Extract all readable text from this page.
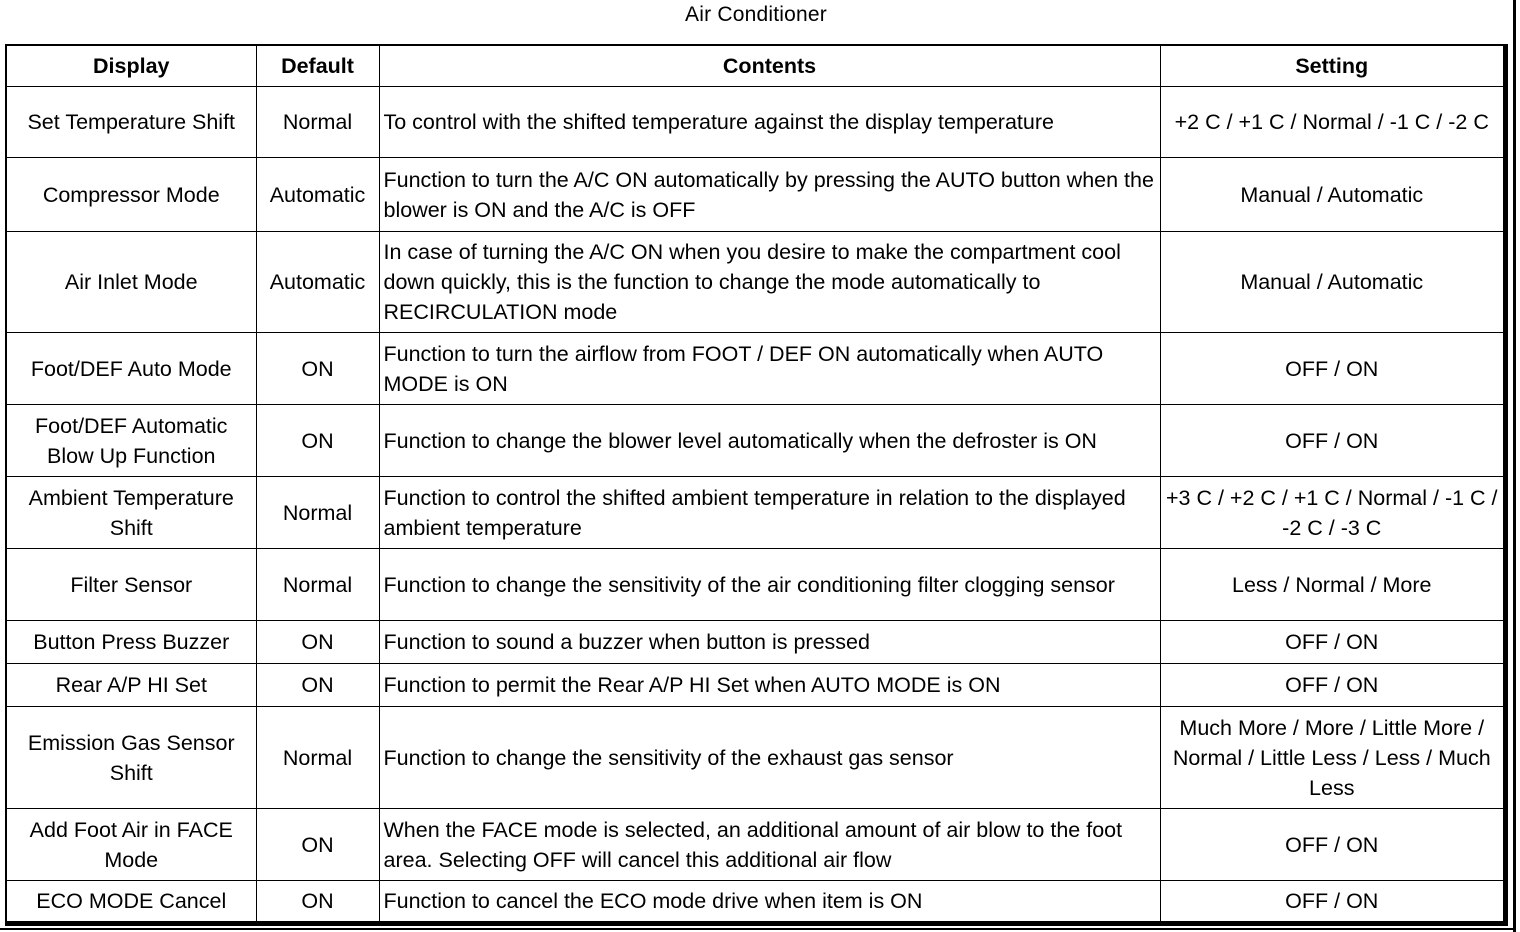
Air Conditioner
Display	Default	Contents	Setting
Set Temperature Shift	Normal	To control with the shifted temperature against the display temperature	+2 C / +1 C / Normal / -1 C / -2 C
Compressor Mode	Automatic	Function to turn the A/C ON automatically by pressing the AUTO button when the blower is ON and the A/C is OFF	Manual / Automatic
Air Inlet Mode	Automatic	In case of turning the A/C ON when you desire to make the compartment cool down quickly, this is the function to change the mode automatically to RECIRCULATION mode	Manual / Automatic
Foot/DEF Auto Mode	ON	Function to turn the airflow from FOOT / DEF ON automatically when AUTO MODE is ON	OFF / ON
Foot/DEF Automatic Blow Up Function	ON	Function to change the blower level automatically when the defroster is ON	OFF / ON
Ambient Temperature Shift	Normal	Function to control the shifted ambient temperature in relation to the displayed ambient temperature	+3 C / +2 C / +1 C / Normal / -1 C / -2 C / -3 C
Filter Sensor	Normal	Function to change the sensitivity of the air conditioning filter clogging sensor	Less / Normal / More
Button Press Buzzer	ON	Function to sound a buzzer when button is pressed	OFF / ON
Rear A/P HI Set	ON	Function to permit the Rear A/P HI Set when AUTO MODE is ON	OFF / ON
Emission Gas Sensor Shift	Normal	Function to change the sensitivity of the exhaust gas sensor	Much More / More / Little More / Normal / Little Less / Less / Much Less
Add Foot Air in FACE Mode	ON	When the FACE mode is selected, an additional amount of air blow to the foot area. Selecting OFF will cancel this additional air flow	OFF / ON
ECO MODE Cancel	ON	Function to cancel the ECO mode drive when item is ON	OFF / ON
